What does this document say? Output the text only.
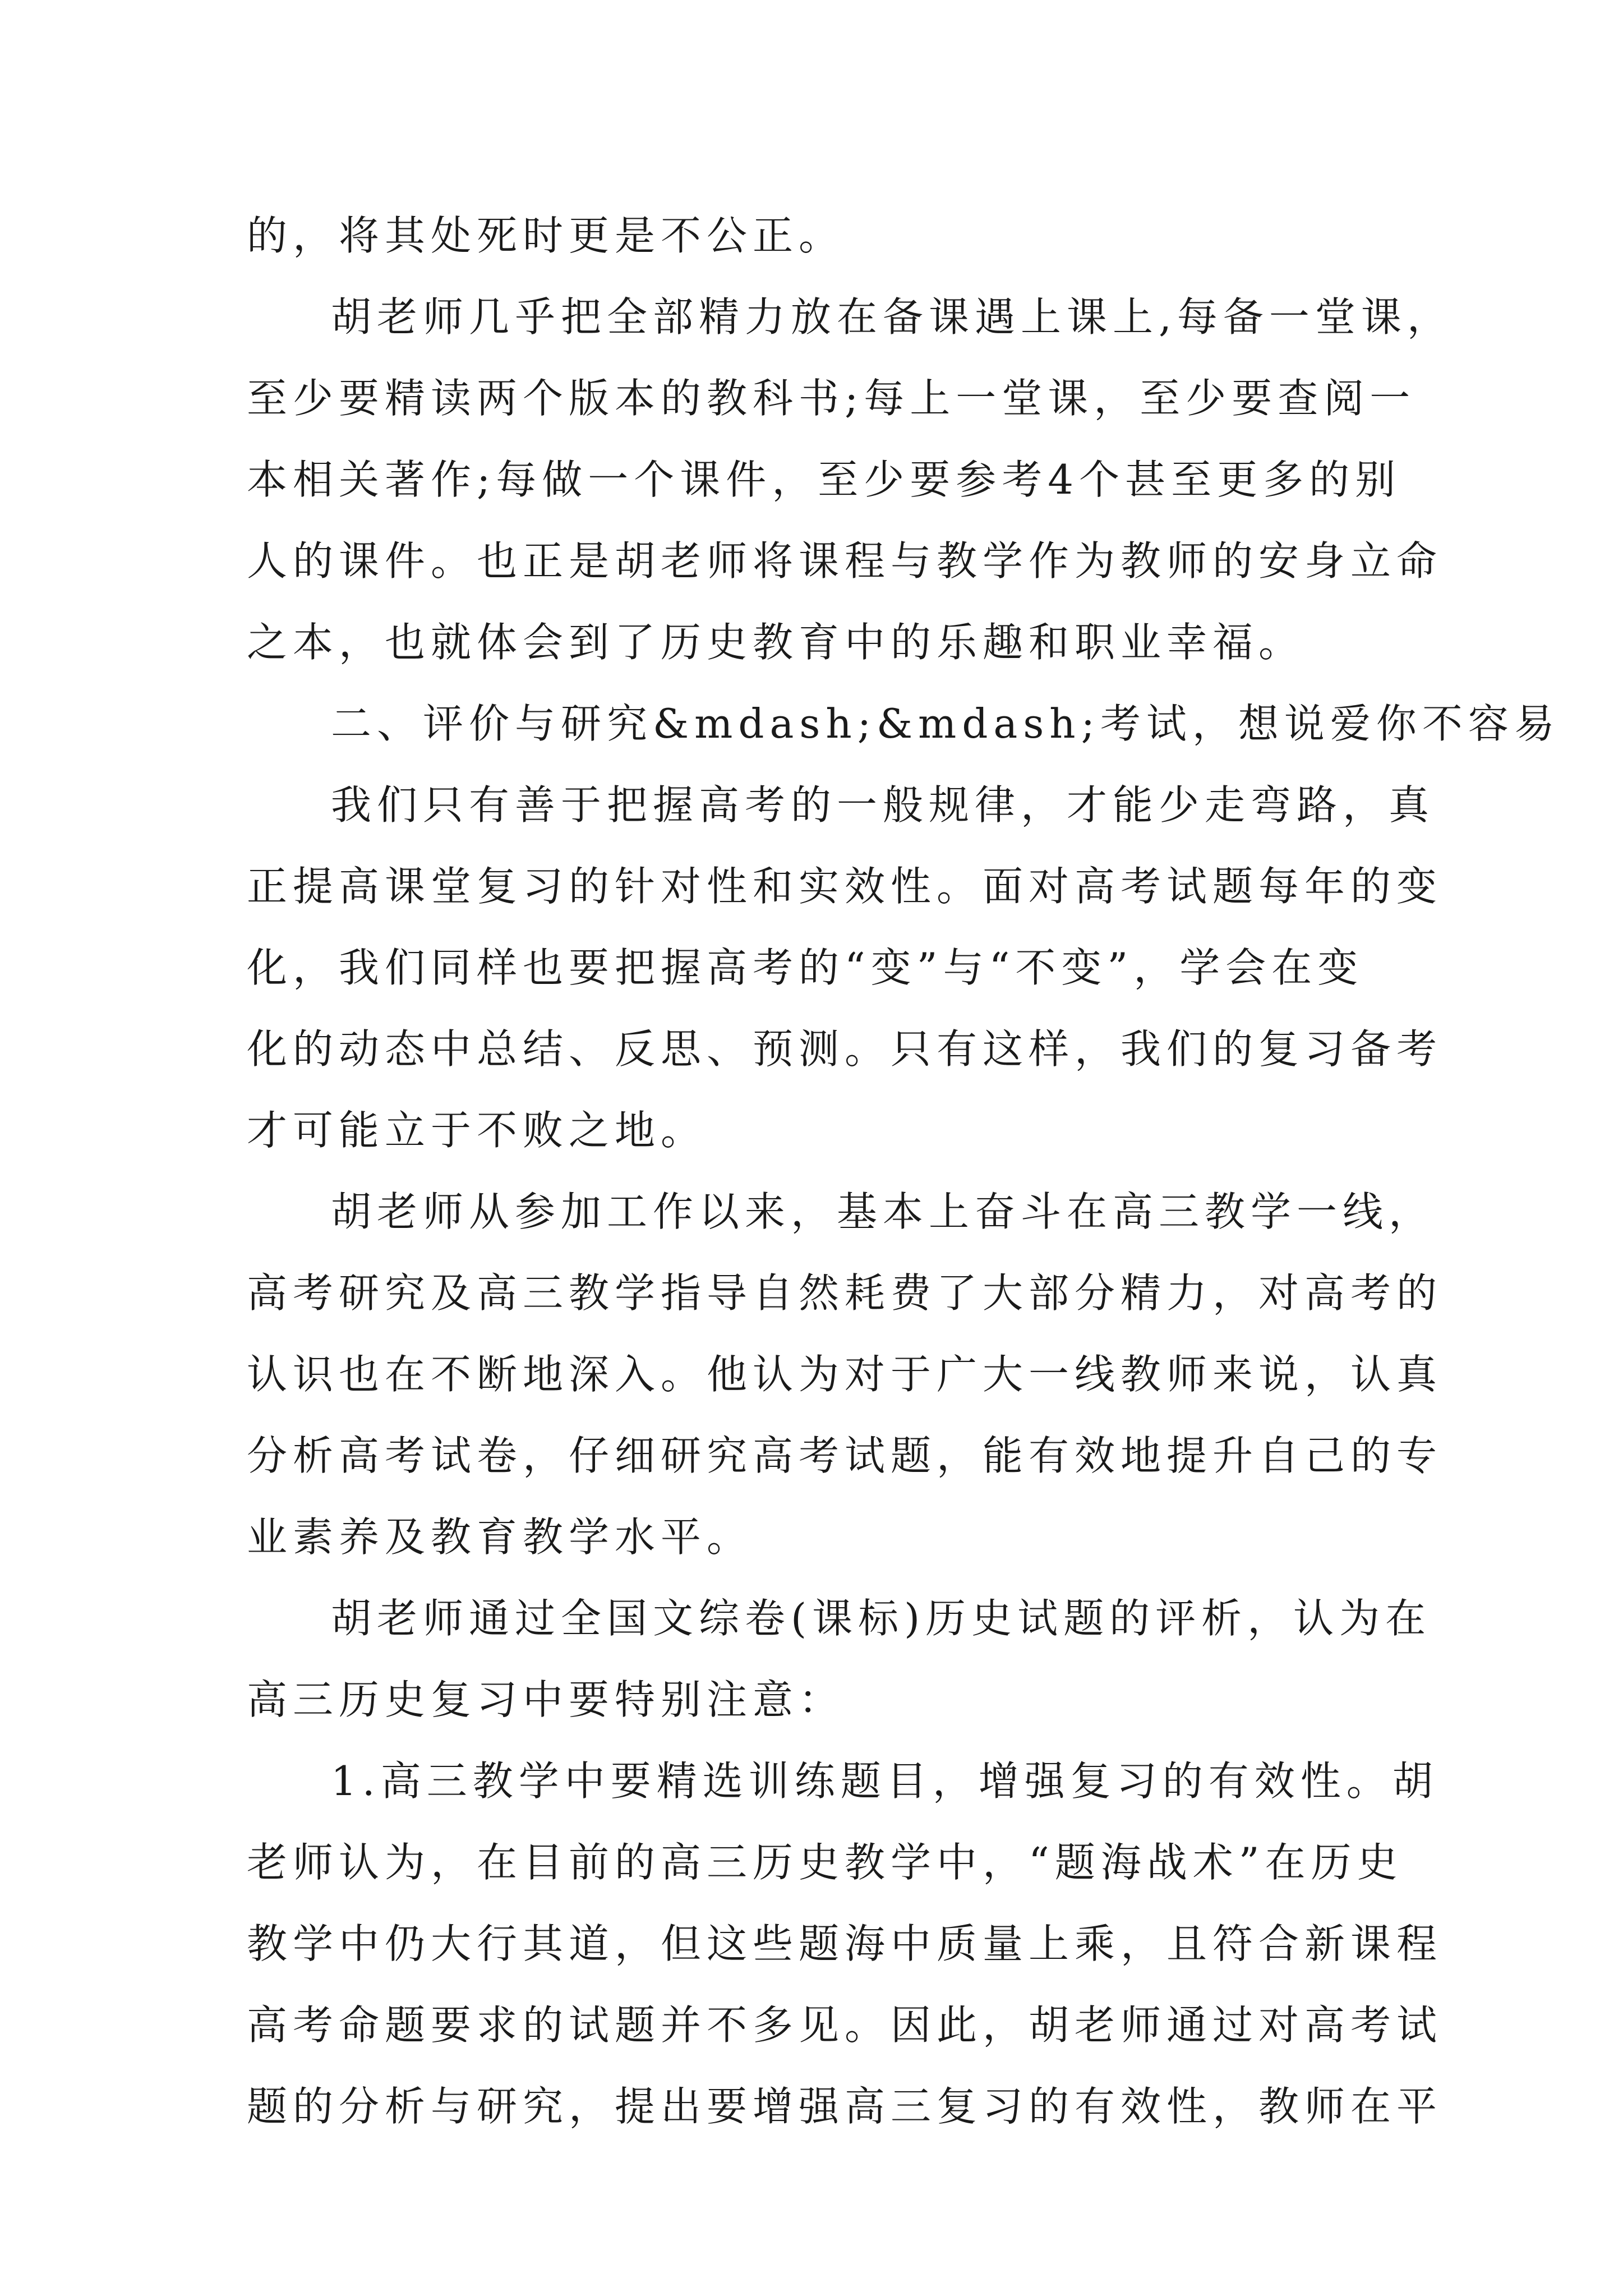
的，将其处死时更是不公正。
胡老师几乎把全部精力放在备课遇上课上,每备一堂课，
至少要精读两个版本的教科书;每上一堂课，至少要查阅一
本相关著作;每做一个课件，至少要参考4个甚至更多的别
人的课件。也正是胡老师将课程与教学作为教师的安身立命
之本，也就体会到了历史教育中的乐趣和职业幸福。
二、评价与研究&mdash;&mdash;考试，想说爱你不容易
我们只有善于把握高考的一般规律，才能少走弯路，真
正提高课堂复习的针对性和实效性。面对高考试题每年的变
化，我们同样也要把握高考的“变”与“不变”，学会在变
化的动态中总结、反思、预测。只有这样，我们的复习备考
才可能立于不败之地。
胡老师从参加工作以来，基本上奋斗在高三教学一线，
高考研究及高三教学指导自然耗费了大部分精力，对高考的
认识也在不断地深入。他认为对于广大一线教师来说，认真
分析高考试卷，仔细研究高考试题，能有效地提升自己的专
业素养及教育教学水平。
胡老师通过全国文综卷(课标)历史试题的评析，认为在
高三历史复习中要特别注意：
1.高三教学中要精选训练题目，增强复习的有效性。胡
老师认为，在目前的高三历史教学中，“题海战术”在历史
教学中仍大行其道，但这些题海中质量上乘，且符合新课程
高考命题要求的试题并不多见。因此，胡老师通过对高考试
题的分析与研究，提出要增强高三复习的有效性，教师在平
